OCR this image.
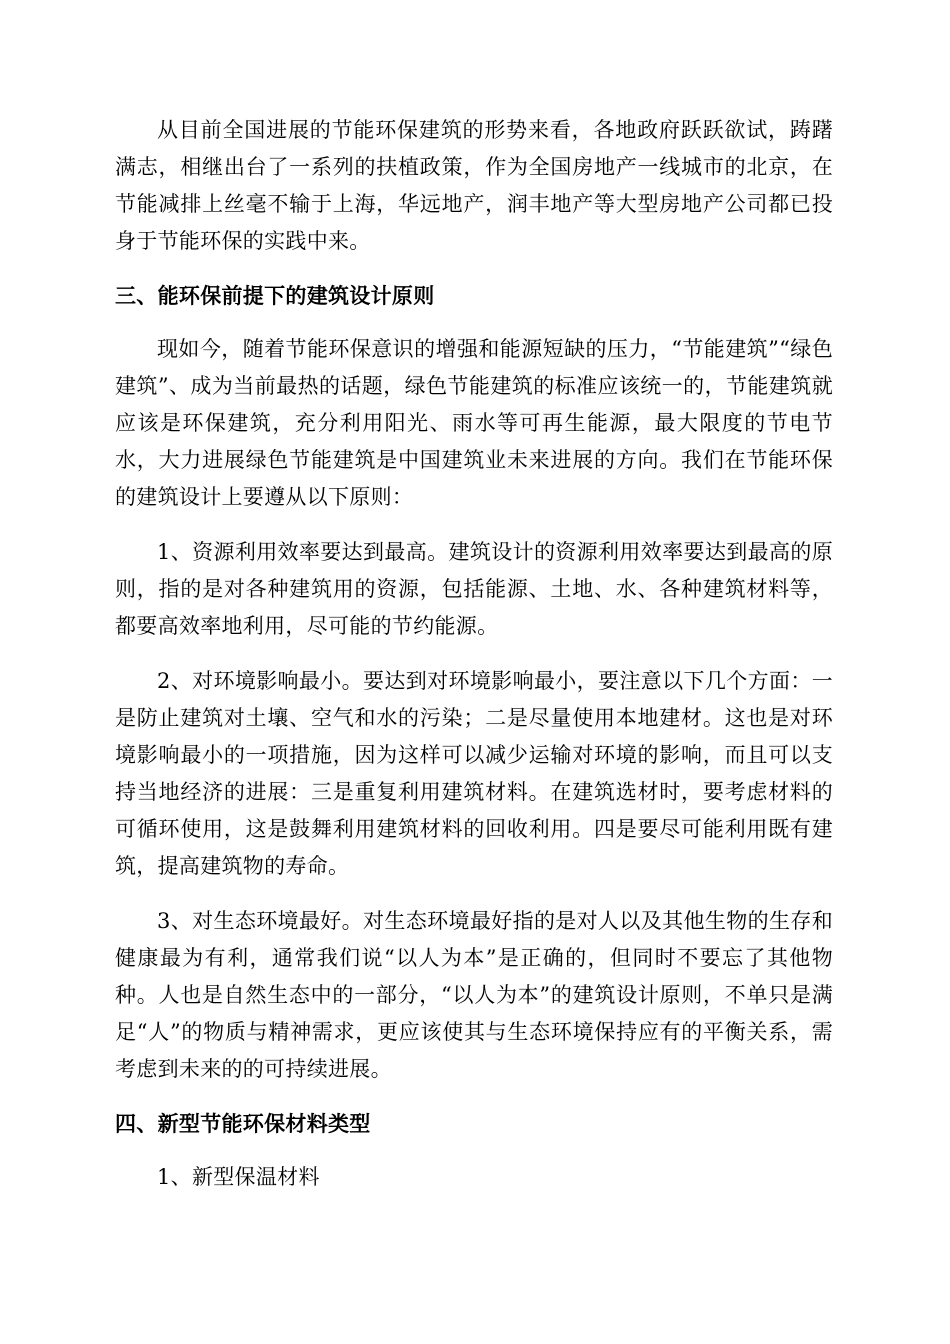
从目前全国进展的节能环保建筑的形势来看，各地政府跃跃欲试，踌躇满志，相继出台了一系列的扶植政策，作为全国房地产一线城市的北京，在节能减排上丝毫不输于上海，华远地产，润丰地产等大型房地产公司都已投身于节能环保的实践中来。

三、能环保前提下的建筑设计原则

现如今，随着节能环保意识的增强和能源短缺的压力，“节能建筑”“绿色建筑”、成为当前最热的话题，绿色节能建筑的标准应该统一的，节能建筑就应该是环保建筑，充分利用阳光、雨水等可再生能源，最大限度的节电节水，大力进展绿色节能建筑是中国建筑业未来进展的方向。我们在节能环保的建筑设计上要遵从以下原则：

1、资源利用效率要达到最高。建筑设计的资源利用效率要达到最高的原则，指的是对各种建筑用的资源，包括能源、土地、水、各种建筑材料等，都要高效率地利用，尽可能的节约能源。

2、对环境影响最小。要达到对环境影响最小，要注意以下几个方面：一是防止建筑对土壤、空气和水的污染；二是尽量使用本地建材。这也是对环境影响最小的一项措施，因为这样可以减少运输对环境的影响，而且可以支持当地经济的进展：三是重复利用建筑材料。在建筑选材时，要考虑材料的可循环使用，这是鼓舞利用建筑材料的回收利用。四是要尽可能利用既有建筑，提高建筑物的寿命。

3、对生态环境最好。对生态环境最好指的是对人以及其他生物的生存和健康最为有利，通常我们说“以人为本”是正确的，但同时不要忘了其他物种。人也是自然生态中的一部分，“以人为本”的建筑设计原则，不单只是满足“人”的物质与精神需求，更应该使其与生态环境保持应有的平衡关系，需考虑到未来的的可持续进展。

四、新型节能环保材料类型

1、新型保温材料
